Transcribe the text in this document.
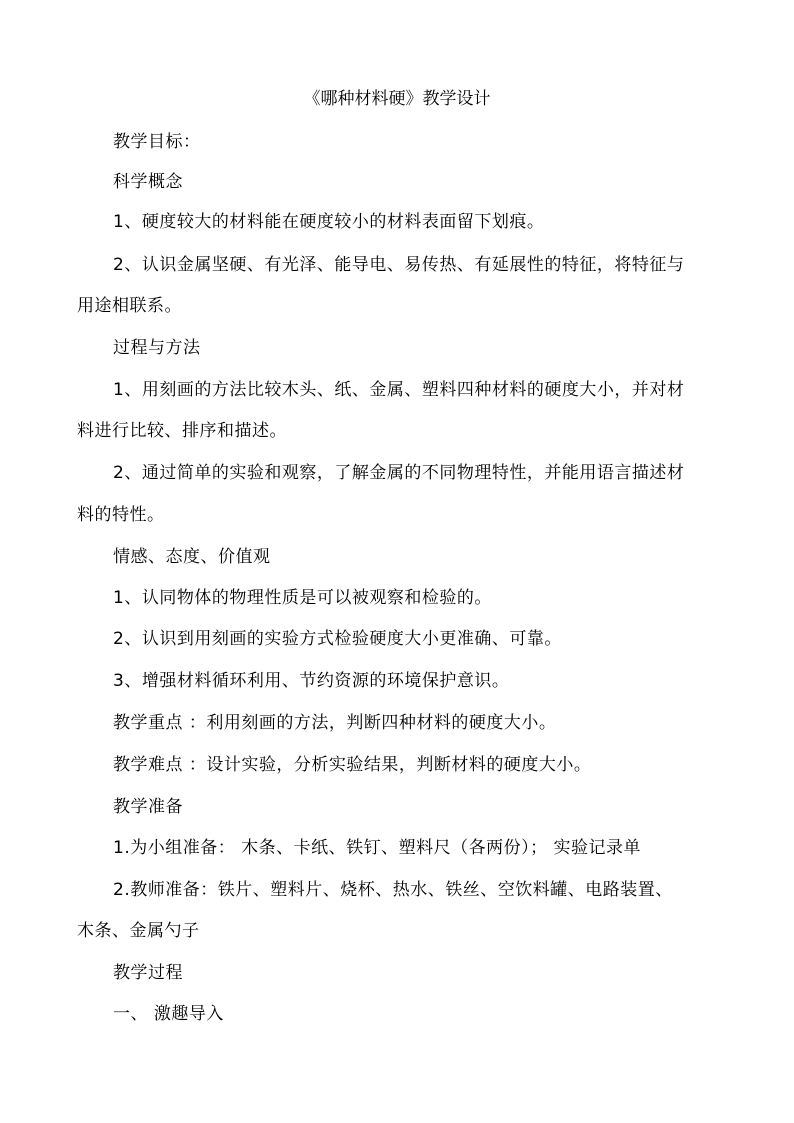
《哪种材料硬》教学设计
教学目标：
科学概念
1、硬度较大的材料能在硬度较小的材料表面留下划痕。
2、认识金属坚硬、有光泽、能导电、易传热、有延展性的特征，将特征与
用途相联系。
过程与方法
1、用刻画的方法比较木头、纸、金属、塑料四种材料的硬度大小，并对材
料进行比较、排序和描述。
2、通过简单的实验和观察，了解金属的不同物理特性，并能用语言描述材
料的特性。
情感、态度、价值观
1、认同物体的物理性质是可以被观察和检验的。
2、认识到用刻画的实验方式检验硬度大小更准确、可靠。
3、增强材料循环利用、节约资源的环境保护意识。
教学重点 ：利用刻画的方法，判断四种材料的硬度大小。
教学难点 ：设计实验，分析实验结果，判断材料的硬度大小。
教学准备
1.为小组准备： 木条、卡纸、铁钉、塑料尺（各两份）； 实验记录单
2.教师准备：铁片、塑料片、烧杯、热水、铁丝、空饮料罐、电路装置、
木条、金属勺子
教学过程
一、 激趣导入
